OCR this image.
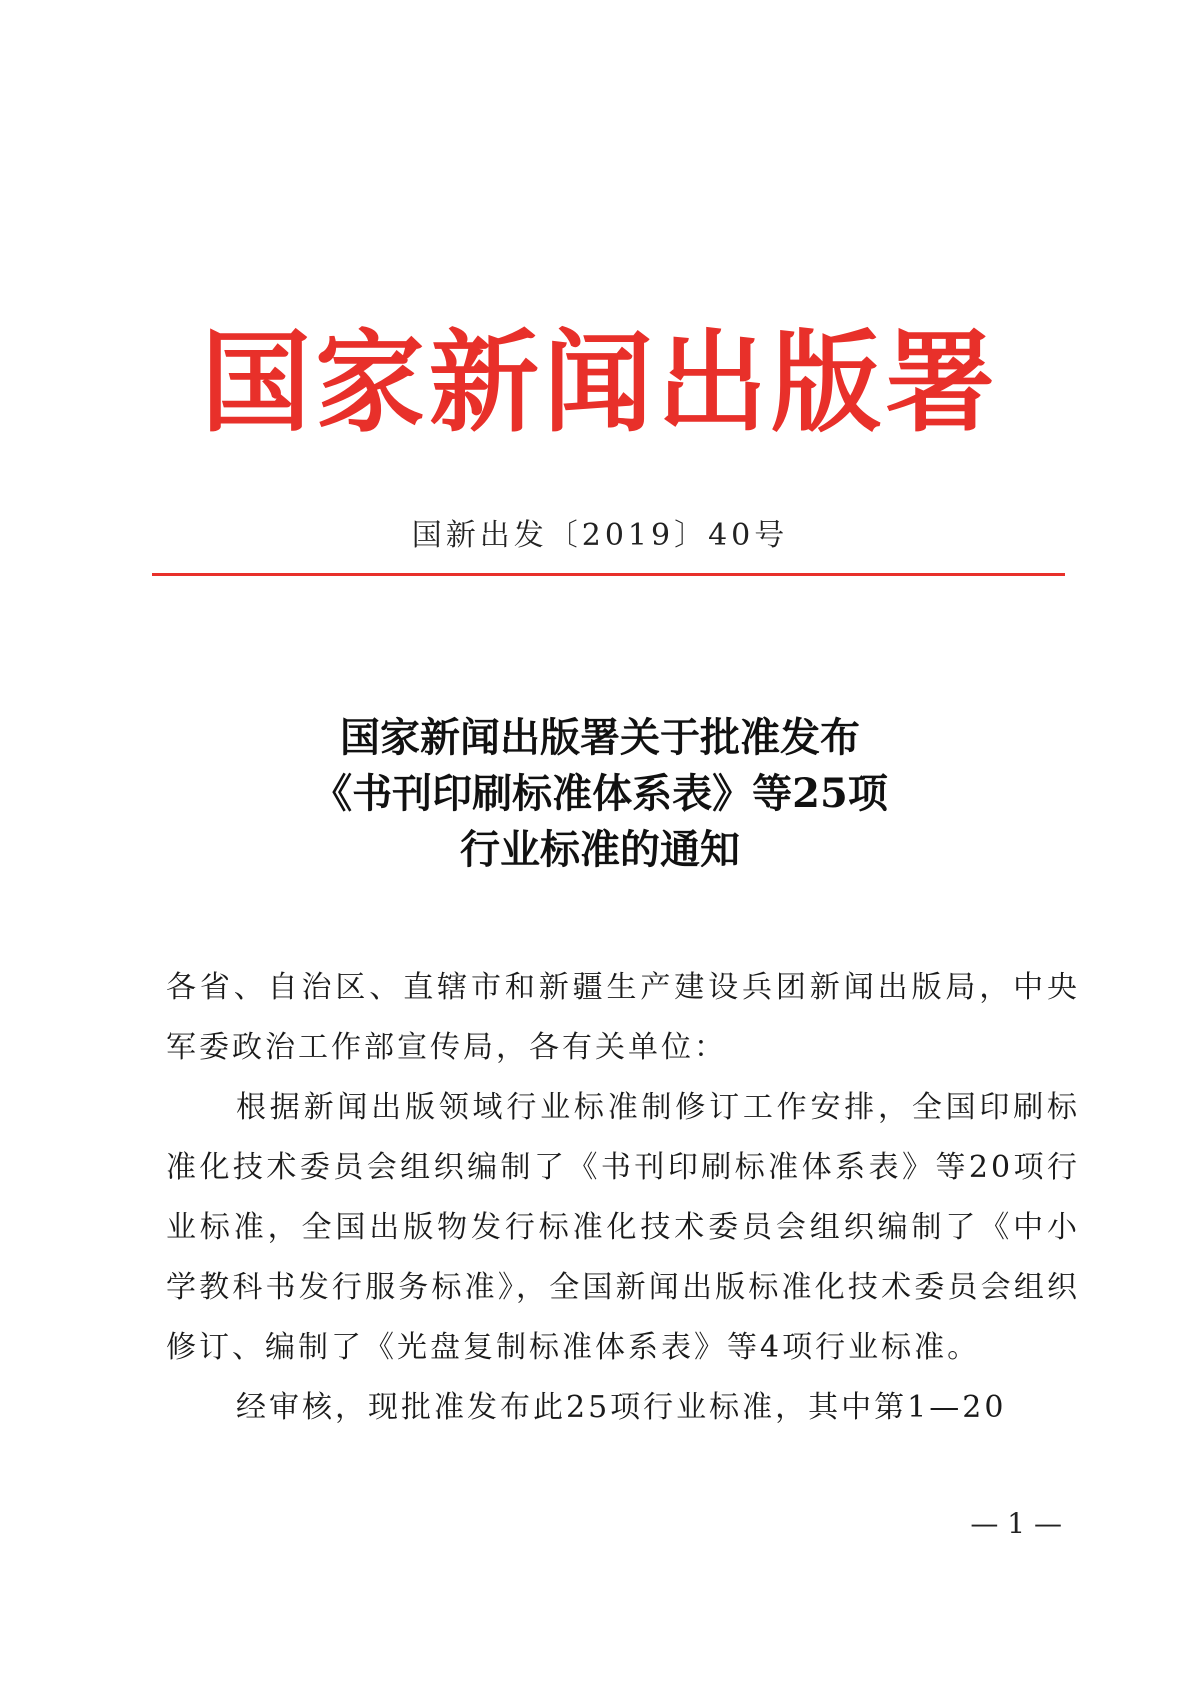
国家新闻出版署
国新出发〔2019〕40号
国家新闻出版署关于批准发布
《书刊印刷标准体系表》等25项
行业标准的通知

各省、自治区、直辖市和新疆生产建设兵团新闻出版局，中央军委政治工作部宣传局，各有关单位：

根据新闻出版领域行业标准制修订工作安排，全国印刷标准化技术委员会组织编制了《书刊印刷标准体系表》等20项行业标准，全国出版物发行标准化技术委员会组织编制了《中小学教科书发行服务标准》，全国新闻出版标准化技术委员会组织修订、编制了《光盘复制标准体系表》等4项行业标准。

经审核，现批准发布此25项行业标准，其中第1—20

— 1 —
